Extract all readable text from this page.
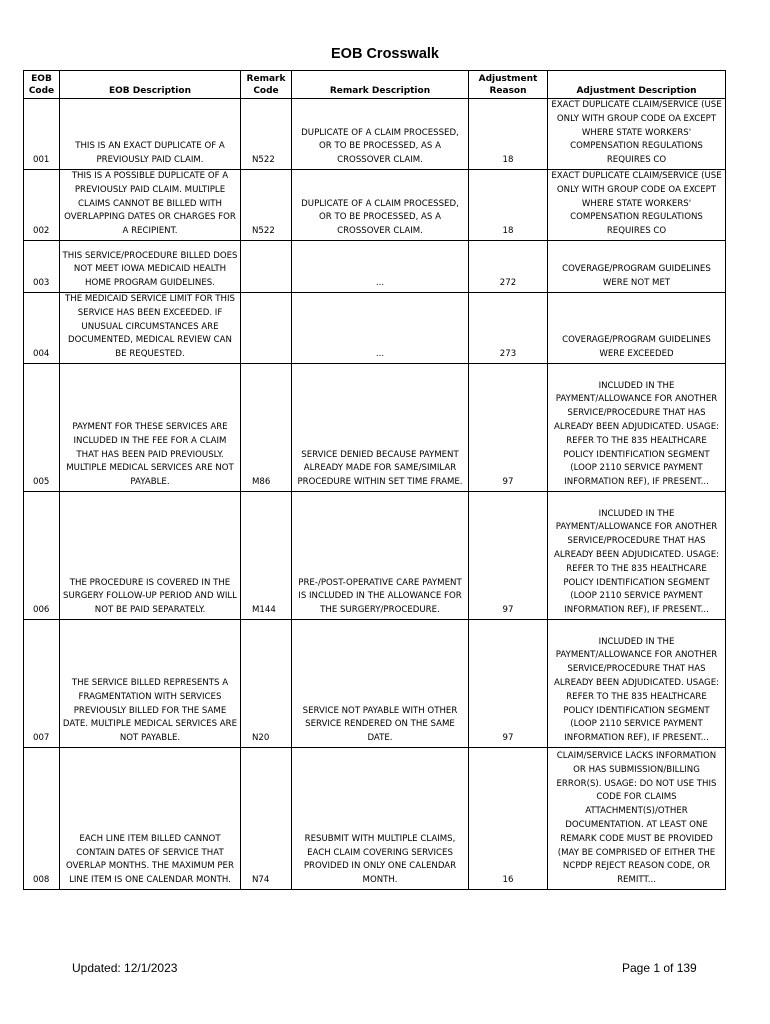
EOB Crosswalk
EOB Code	EOB Description	Remark Code	Remark Description	Adjustment Reason	Adjustment Description
001	THIS IS AN EXACT DUPLICATE OF A PREVIOUSLY PAID CLAIM.	N522	DUPLICATE OF A CLAIM PROCESSED, OR TO BE PROCESSED, AS A CROSSOVER CLAIM.	18	EXACT DUPLICATE CLAIM/SERVICE (USE ONLY WITH GROUP CODE OA EXCEPT WHERE STATE WORKERS' COMPENSATION REGULATIONS REQUIRES CO
002	THIS IS A POSSIBLE DUPLICATE OF A PREVIOUSLY PAID CLAIM. MULTIPLE CLAIMS CANNOT BE BILLED WITH OVERLAPPING DATES OR CHARGES FOR A RECIPIENT.	N522	DUPLICATE OF A CLAIM PROCESSED, OR TO BE PROCESSED, AS A CROSSOVER CLAIM.	18	EXACT DUPLICATE CLAIM/SERVICE (USE ONLY WITH GROUP CODE OA EXCEPT WHERE STATE WORKERS' COMPENSATION REGULATIONS REQUIRES CO
003	THIS SERVICE/PROCEDURE BILLED DOES NOT MEET IOWA MEDICAID HEALTH HOME PROGRAM GUIDELINES.		...	272	COVERAGE/PROGRAM GUIDELINES WERE NOT MET
004	THE MEDICAID SERVICE LIMIT FOR THIS SERVICE HAS BEEN EXCEEDED. IF UNUSUAL CIRCUMSTANCES ARE DOCUMENTED, MEDICAL REVIEW CAN BE REQUESTED.		...	273	COVERAGE/PROGRAM GUIDELINES WERE EXCEEDED
005	PAYMENT FOR THESE SERVICES ARE INCLUDED IN THE FEE FOR A CLAIM THAT HAS BEEN PAID PREVIOUSLY. MULTIPLE MEDICAL SERVICES ARE NOT PAYABLE.	M86	SERVICE DENIED BECAUSE PAYMENT ALREADY MADE FOR SAME/SIMILAR PROCEDURE WITHIN SET TIME FRAME.	97	INCLUDED IN THE PAYMENT/ALLOWANCE FOR ANOTHER SERVICE/PROCEDURE THAT HAS ALREADY BEEN ADJUDICATED. USAGE: REFER TO THE 835 HEALTHCARE POLICY IDENTIFICATION SEGMENT (LOOP 2110 SERVICE PAYMENT INFORMATION REF), IF PRESENT...
006	THE PROCEDURE IS COVERED IN THE SURGERY FOLLOW-UP PERIOD AND WILL NOT BE PAID SEPARATELY.	M144	PRE-/POST-OPERATIVE CARE PAYMENT IS INCLUDED IN THE ALLOWANCE FOR THE SURGERY/PROCEDURE.	97	INCLUDED IN THE PAYMENT/ALLOWANCE FOR ANOTHER SERVICE/PROCEDURE THAT HAS ALREADY BEEN ADJUDICATED. USAGE: REFER TO THE 835 HEALTHCARE POLICY IDENTIFICATION SEGMENT (LOOP 2110 SERVICE PAYMENT INFORMATION REF), IF PRESENT...
007	THE SERVICE BILLED REPRESENTS A FRAGMENTATION WITH SERVICES PREVIOUSLY BILLED FOR THE SAME DATE. MULTIPLE MEDICAL SERVICES ARE NOT PAYABLE.	N20	SERVICE NOT PAYABLE WITH OTHER SERVICE RENDERED ON THE SAME DATE.	97	INCLUDED IN THE PAYMENT/ALLOWANCE FOR ANOTHER SERVICE/PROCEDURE THAT HAS ALREADY BEEN ADJUDICATED. USAGE: REFER TO THE 835 HEALTHCARE POLICY IDENTIFICATION SEGMENT (LOOP 2110 SERVICE PAYMENT INFORMATION REF), IF PRESENT...
008	EACH LINE ITEM BILLED CANNOT CONTAIN DATES OF SERVICE THAT OVERLAP MONTHS. THE MAXIMUM PER LINE ITEM IS ONE CALENDAR MONTH.	N74	RESUBMIT WITH MULTIPLE CLAIMS, EACH CLAIM COVERING SERVICES PROVIDED IN ONLY ONE CALENDAR MONTH.	16	CLAIM/SERVICE LACKS INFORMATION OR HAS SUBMISSION/BILLING ERROR(S). USAGE: DO NOT USE THIS CODE FOR CLAIMS ATTACHMENT(S)/OTHER DOCUMENTATION. AT LEAST ONE REMARK CODE MUST BE PROVIDED (MAY BE COMPRISED OF EITHER THE NCPDP REJECT REASON CODE, OR REMITT...
Updated: 12/1/2023	Page 1 of 139
